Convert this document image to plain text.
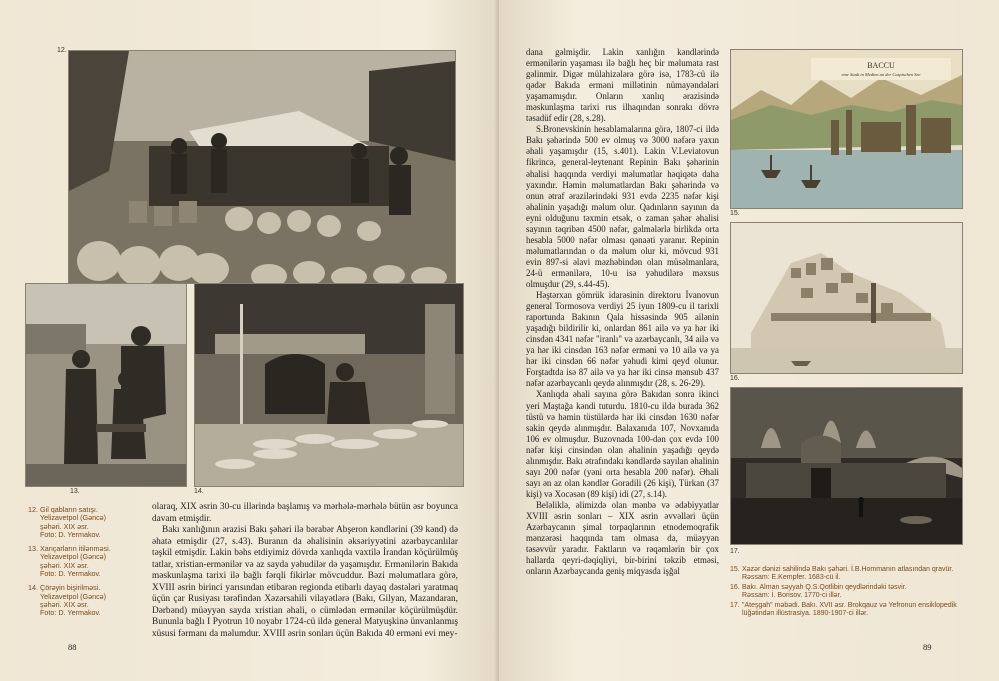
12.
13.	14.

12. Gil qabların satışı.
Yelizavetpol (Gəncə)
şəhəri. XIX əsr.
Foto: D. Yermakov.

13. Xançarların itilənməsi.
Yelizavetpol (Gəncə)
şəhəri. XIX əsr.
Foto: D. Yermakov.

14. Çörəyin bişirilməsi.
Yelizavetpol (Gəncə)
şəhəri. XIX əsr.
Foto: D. Yermakov.

olaraq, XIX əsrin 30-cu illərində başlamış və mərhələ-mərhələ bütün əsr boyunca davam etmişdir.

Bakı xanlığının ərazisi Bakı şəhəri ilə bərabər Abşeron kəndlərini (39 kənd) də əhatə etmişdir (27, s.43). Buranın da əhalisinin əksəriyyətini azərbaycanlılar təşkil etmişdir. Lakin bəhs etdiyimiz dövrdə xanlıqda vaxtilə İrandan köçürülmüş tatlar, xristian-ermənilər və az sayda yəhudilər də yaşamışdır. Ermənilərin Bakıda məskunlaşma tarixi ilə bağlı fərqli fikirlər mövcuddur. Bəzi məlumatlara görə, XVIII əsrin birinci yarısından etibarən regionda etibarlı dayaq dəstələri yaratmaq üçün çar Rusiyası tərəfindən Xəzərsahili vilayətlərə (Bakı, Gilyan, Mazandaran, Dərbənd) müəyyən sayda xristian əhali, o cümlədən ermənilər köçürülmüşdür. Bununla bağlı I Pyotrun 10 noyabr 1724-cü ildə general Matyuşkinə ünvanlanmış xüsusi fərmanı da məlumdur. XVIII əsrin sonları üçün Bakıda 40 erməni evi mey-

88

dana gəlmişdir. Lakin xanlığın kəndlərində ermənilərin yaşaması ilə bağlı heç bir məlumata rast gəlinmir. Digər mülahizələrə görə isə, 1783-cü ilə qədər Bakıda erməni millətinin nümayəndələri yaşamamışdır. Onların xanlıq ərazisində məskunlaşma tarixi rus ilhaqından sonrakı dövrə təsadüf edir (28, s.28).

S.Bronevskinin hesablamalarına görə, 1807-ci ildə Bakı şəhərində 500 ev olmuş və 3000 nəfərə yaxın əhali yaşamışdır (15, s.401). Lakin V.Leviatovun fikrincə, general-leytenant Repinin Bakı şəhərinin əhalisi haqqında verdiyi məlumatlar həqiqətə daha yaxındır. Həmin məlumatlardan Bakı şəhərində və onun ətraf ərazilərindəki 931 evdə 2235 nəfər kişi əhalinin yaşadığı məlum olur. Qadınların sayının da eyni olduğunu təxmin etsək, o zaman şəhər əhalisi sayının təqribən 4500 nəfər, gəlmələrlə birlikdə orta hesabla 5000 nəfər olması qənaəti yaranır. Repinin məlumatlarından o da məlum olur ki, mövcud 931 evin 897-si əlavi məzhəbindən olan müsəlmanlara, 24-ü ermənilərə, 10-u isə yəhudilərə məxsus olmuşdur (29, s.44-45).

Həştərxan gömrük idarəsinin direktoru İvanovun general Tormosova verdiyi 25 iyun 1809-cu il tarixli raportunda Bakının Qala hissəsində 905 ailənin yaşadığı bildirilir ki, onlardan 861 ailə və ya hər iki cinsdən 4341 nəfər "iranlı" və azərbaycanlı, 34 ailə və ya hər iki cinsdən 163 nəfər erməni və 10 ailə və ya hər iki cinsdən 66 nəfər yəhudi kimi qeyd olunur. Forştadtda isə 87 ailə və ya hər iki cinsə mənsub 437 nəfər azərbaycanlı qeydə alınmışdır (28, s. 26-29).

Xanlıqda əhali sayına görə Bakıdan sonra ikinci yeri Maştağa kəndi tuturdu. 1810-cu ildə burada 362 tüstü və həmin tüstülərdə hər iki cinsdən 1630 nəfər sakin qeydə alınmışdır. Balaxanıda 107, Novxanıda 106 ev olmuşdur. Buzovnada 100-dən çox evdə 100 nəfər kişi cinsindən olan əhalinin yaşadığı qeydə alınmışdır. Bakı ətrafındakı kəndlərdə sayılan əhalinin sayı 200 nəfər (yəni orta hesabla 200 nəfər). Əhali sayı ən az olan kəndlər Goradili (26 kişi), Türkan (37 kişi) və Xocəsən (89 kişi) idi (27, s.14).

Beləliklə, əlimizdə olan mənbə və ədəbiyyatlar XVIII əsrin sonları – XIX əsrin əvvəlləri üçün Azərbaycanın şimal torpaqlarının etnodemoqrafik mənzərəsi haqqında tam olmasa da, müəyyən təsəvvür yaradır. Faktların və rəqəmlərin bir çox hallarda qeyri-dəqiqliyi, bir-birini təkzib etməsi, onların Azərbaycanda geniş miqyasda işğal

BACCU
eine Stadt in Medien an der Caspischen See
15.
16.
17.

15. Xəzər dənizi sahilində Bakı şəhəri. İ.B.Hommanın atlasından qravür.
Rəssam: E.Kempfer. 1683-cü il.

16. Bakı. Alman səyyah Q.S.Qotlibin qeydlərindəki təsvir.
Rəssam: İ. Borisov. 1770-ci illər.

17. "Ateşgah" məbədi. Bakı. XVII əsr. Brokqauz və Yefronun ensiklopedik
lüğətindən illüstrasiya. 1890-1907-ci illər.

89
